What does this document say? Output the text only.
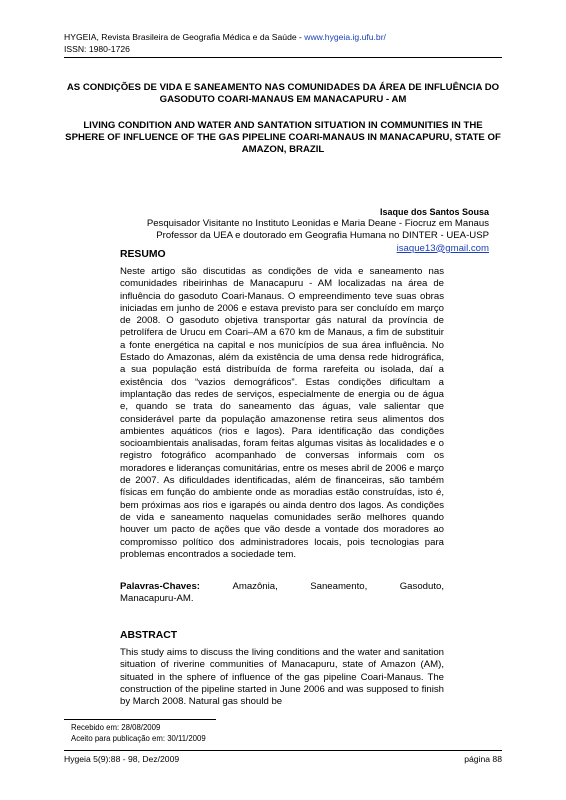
HYGEIA, Revista Brasileira de Geografia Médica e da Saúde - www.hygeia.ig.ufu.br/
ISSN: 1980-1726
AS CONDIÇÕES DE VIDA E SANEAMENTO NAS COMUNIDADES DA ÁREA DE INFLUÊNCIA DO GASODUTO COARI-MANAUS EM MANACAPURU - AM
LIVING CONDITION AND WATER AND SANTATION SITUATION IN COMMUNITIES IN THE SPHERE OF INFLUENCE OF THE GAS PIPELINE COARI-MANAUS IN MANACAPURU, STATE OF AMAZON, BRAZIL
Isaque dos Santos Sousa
Pesquisador Visitante no Instituto Leonidas e Maria Deane - Fiocruz em Manaus
Professor da UEA e doutorado em Geografia Humana no DINTER - UEA-USP
isaque13@gmail.com
RESUMO
Neste artigo são discutidas as condições de vida e saneamento nas comunidades ribeirinhas de Manacapuru - AM localizadas na área de influência do gasoduto Coari-Manaus. O empreendimento teve suas obras iniciadas em junho de 2006 e estava previsto para ser concluído em março de 2008. O gasoduto objetiva transportar gás natural da província de petrolífera de Urucu em Coari–AM a 670 km de Manaus, a fim de substituir a fonte energética na capital e nos municípios de sua área influência. No Estado do Amazonas, além da existência de uma densa rede hidrográfica, a sua população está distribuída de forma rarefeita ou isolada, daí a existência dos “vazios demográficos”. Estas condições dificultam a implantação das redes de serviços, especialmente de energia ou de água e, quando se trata do saneamento das águas, vale salientar que considerável parte da população amazonense retira seus alimentos dos ambientes aquáticos (rios e lagos). Para identificação das condições socioambientais analisadas, foram feitas algumas visitas às localidades e o registro fotográfico acompanhado de conversas informais com os moradores e lideranças comunitárias, entre os meses abril de 2006 e março de 2007. As dificuldades identificadas, além de financeiras, são também físicas em função do ambiente onde as moradias estão construídas, isto é, bem próximas aos rios e igarapés ou ainda dentro dos lagos. As condições de vida e saneamento naquelas comunidades serão melhores quando houver um pacto de ações que vão desde a vontade dos moradores ao compromisso político dos administradores locais, pois tecnologias para problemas encontrados a sociedade tem.
Palavras-Chaves:	Amazônia,	Saneamento,	Gasoduto,
Manacapuru-AM.
ABSTRACT
This study aims to discuss the living conditions and the water and sanitation situation of riverine communities of Manacapuru, state of Amazon (AM), situated in the sphere of influence of the gas pipeline Coari-Manaus. The construction of the pipeline started in June 2006 and was supposed to finish by March 2008. Natural gas should be
Recebido em: 28/08/2009
Aceito para publicação em: 30/11/2009
Hygeia 5(9):88 - 98, Dez/2009	página 88
